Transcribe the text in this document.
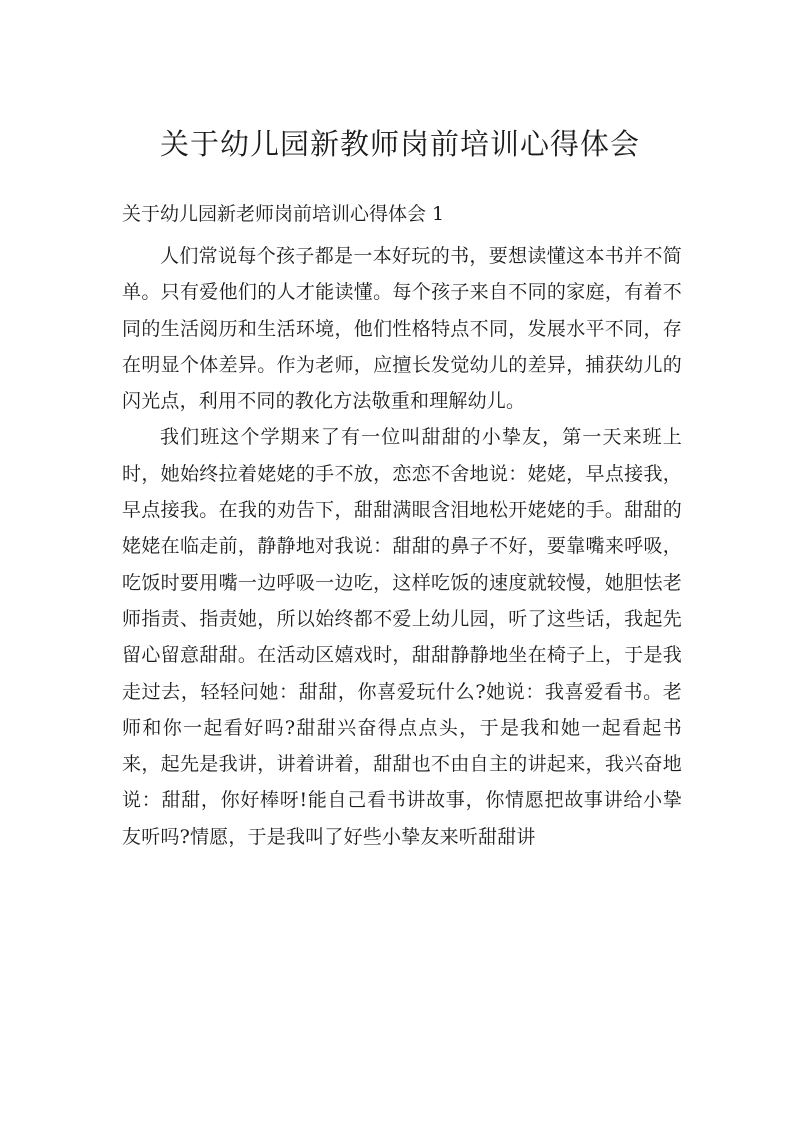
关于幼儿园新教师岗前培训心得体会

关于幼儿园新老师岗前培训心得体会 1

人们常说每个孩子都是一本好玩的书，要想读懂这本书并不简单。只有爱他们的人才能读懂。每个孩子来自不同的家庭，有着不同的生活阅历和生活环境，他们性格特点不同，发展水平不同，存在明显个体差异。作为老师，应擅长发觉幼儿的差异，捕获幼儿的闪光点，利用不同的教化方法敬重和理解幼儿。

我们班这个学期来了有一位叫甜甜的小挚友，第一天来班上时，她始终拉着姥姥的手不放，恋恋不舍地说：姥姥，早点接我，早点接我。在我的劝告下，甜甜满眼含泪地松开姥姥的手。甜甜的姥姥在临走前，静静地对我说：甜甜的鼻子不好，要靠嘴来呼吸，吃饭时要用嘴一边呼吸一边吃，这样吃饭的速度就较慢，她胆怯老师指责、指责她，所以始终都不爱上幼儿园，听了这些话，我起先留心留意甜甜。在活动区嬉戏时，甜甜静静地坐在椅子上，于是我走过去，轻轻问她：甜甜，你喜爱玩什么?她说：我喜爱看书。老师和你一起看好吗?甜甜兴奋得点点头，于是我和她一起看起书来，起先是我讲，讲着讲着，甜甜也不由自主的讲起来，我兴奋地说：甜甜，你好棒呀!能自己看书讲故事，你情愿把故事讲给小挚友听吗?情愿，于是我叫了好些小挚友来听甜甜讲
